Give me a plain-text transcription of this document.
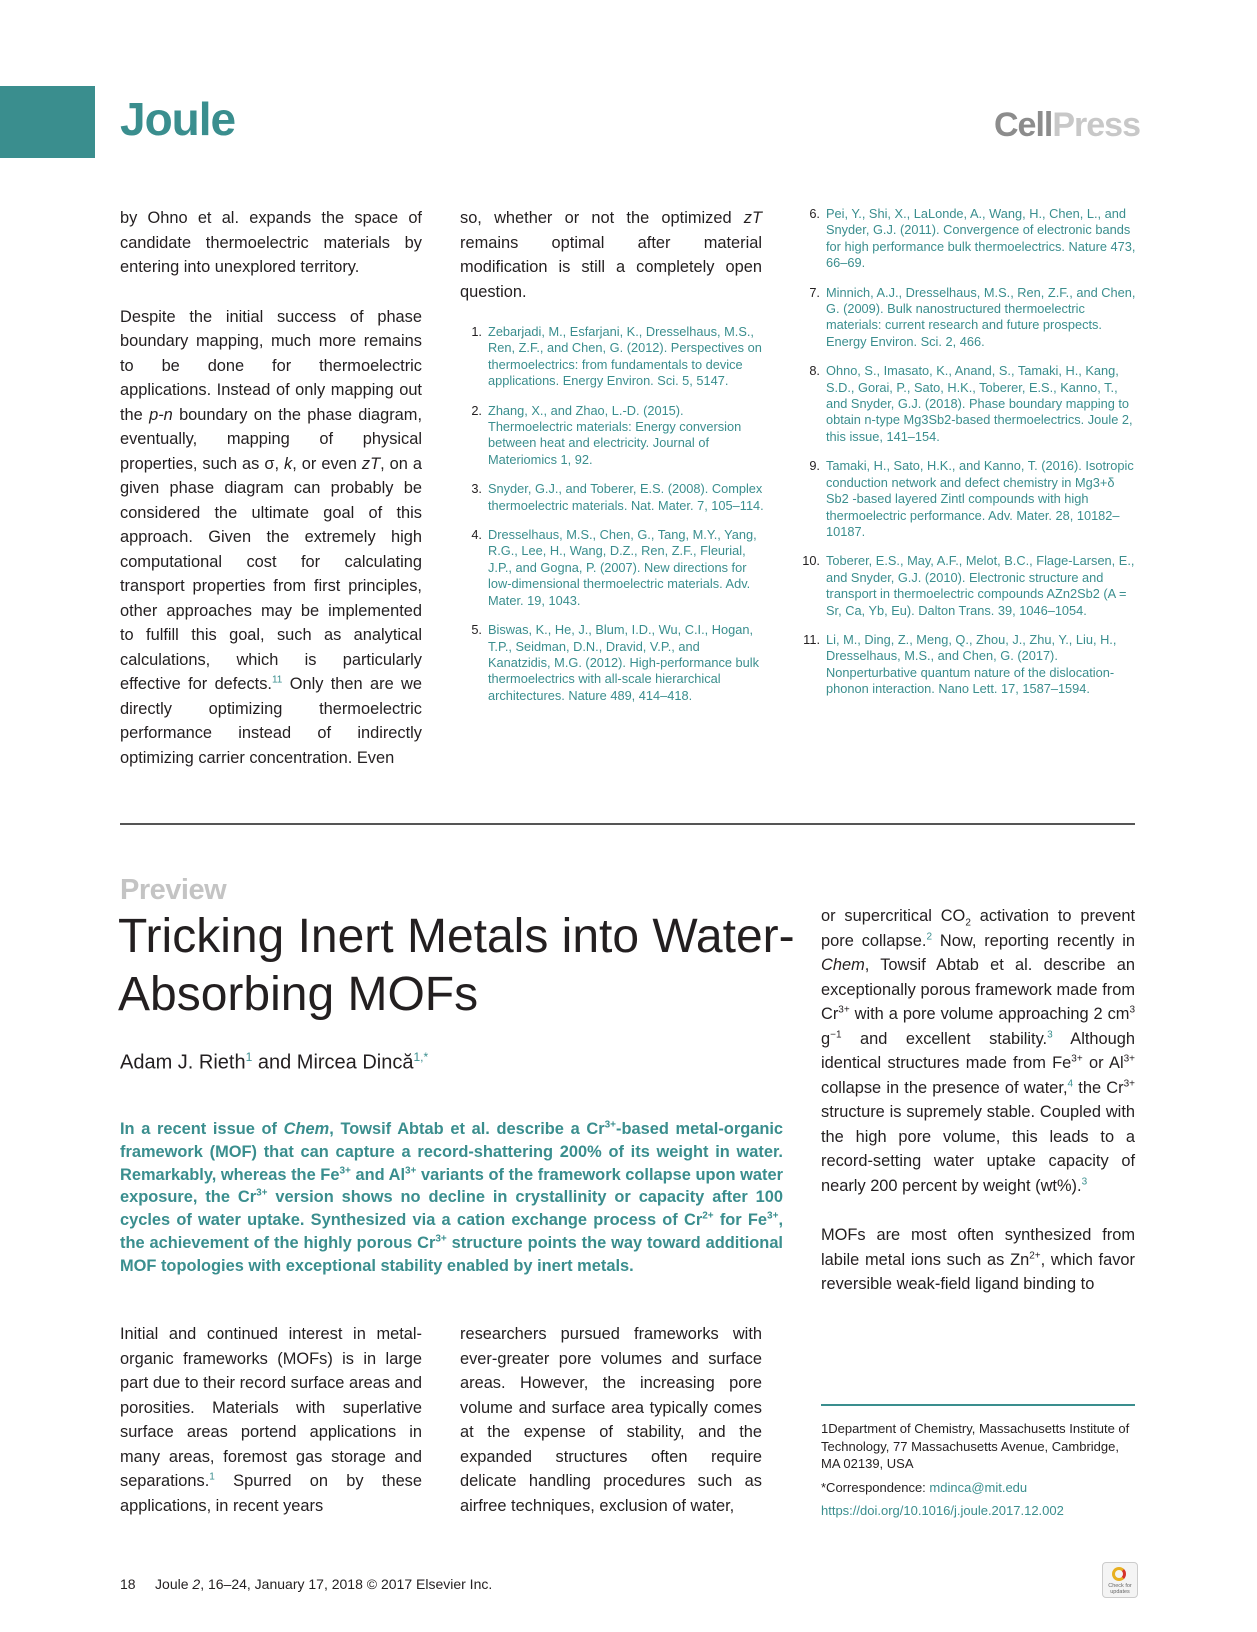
Joule	CellPress

by Ohno et al. expands the space of candidate thermoelectric materials by entering into unexplored territory.

Despite the initial success of phase boundary mapping, much more remains to be done for thermoelectric applications. Instead of only mapping out the p-n boundary on the phase diagram, eventually, mapping of physical properties, such as σ, k, or even zT, on a given phase diagram can probably be considered the ultimate goal of this approach. Given the extremely high computational cost for calculating transport properties from first principles, other approaches may be implemented to fulfill this goal, such as analytical calculations, which is particularly effective for defects.$^{11}$ Only then are we directly optimizing thermoelectric performance instead of indirectly optimizing carrier concentration. Even

so, whether or not the optimized zT remains optimal after material modification is still a completely open question.

1. Zebarjadi, M., Esfarjani, K., Dresselhaus, M.S., Ren, Z.F., and Chen, G. (2012). Perspectives on thermoelectrics: from fundamentals to device applications. Energy Environ. Sci. 5, 5147.
2. Zhang, X., and Zhao, L.-D. (2015). Thermoelectric materials: Energy conversion between heat and electricity. Journal of Materiomics 1, 92.
3. Snyder, G.J., and Toberer, E.S. (2008). Complex thermoelectric materials. Nat. Mater. 7, 105–114.
4. Dresselhaus, M.S., Chen, G., Tang, M.Y., Yang, R.G., Lee, H., Wang, D.Z., Ren, Z.F., Fleurial, J.P., and Gogna, P. (2007). New directions for low-dimensional thermoelectric materials. Adv. Mater. 19, 1043.
5. Biswas, K., He, J., Blum, I.D., Wu, C.I., Hogan, T.P., Seidman, D.N., Dravid, V.P., and Kanatzidis, M.G. (2012). High-performance bulk thermoelectrics with all-scale hierarchical architectures. Nature 489, 414–418.
6. Pei, Y., Shi, X., LaLonde, A., Wang, H., Chen, L., and Snyder, G.J. (2011). Convergence of electronic bands for high performance bulk thermoelectrics. Nature 473, 66–69.
7. Minnich, A.J., Dresselhaus, M.S., Ren, Z.F., and Chen, G. (2009). Bulk nanostructured thermoelectric materials: current research and future prospects. Energy Environ. Sci. 2, 466.
8. Ohno, S., Imasato, K., Anand, S., Tamaki, H., Kang, S.D., Gorai, P., Sato, H.K., Toberer, E.S., Kanno, T., and Snyder, G.J. (2018). Phase boundary mapping to obtain n-type Mg3Sb2-based thermoelectrics. Joule 2, this issue, 141–154.
9. Tamaki, H., Sato, H.K., and Kanno, T. (2016). Isotropic conduction network and defect chemistry in Mg3+δ Sb2 -based layered Zintl compounds with high thermoelectric performance. Adv. Mater. 28, 10182–10187.
10. Toberer, E.S., May, A.F., Melot, B.C., Flage-Larsen, E., and Snyder, G.J. (2010). Electronic structure and transport in thermoelectric compounds AZn2Sb2 (A = Sr, Ca, Yb, Eu). Dalton Trans. 39, 1046–1054.
11. Li, M., Ding, Z., Meng, Q., Zhou, J., Zhu, Y., Liu, H., Dresselhaus, M.S., and Chen, G. (2017). Nonperturbative quantum nature of the dislocation-phonon interaction. Nano Lett. 17, 1587–1594.
Preview
Tricking Inert Metals into Water-Absorbing MOFs
Adam J. Rieth$^1$ and Mircea Dincă$^{1,*}$
In a recent issue of Chem, Towsif Abtab et al. describe a $Cr^{3+}$-based metal-organic framework (MOF) that can capture a record-shattering 200% of its weight in water. Remarkably, whereas the $Fe^{3+}$ and $Al^{3+}$ variants of the framework collapse upon water exposure, the $Cr^{3+}$ version shows no decline in crystallinity or capacity after 100 cycles of water uptake. Synthesized via a cation exchange process of $Cr^{2+}$ for $Fe^{3+}$, the achievement of the highly porous $Cr^{3+}$ structure points the way toward additional MOF topologies with exceptional stability enabled by inert metals.

Initial and continued interest in metal-organic frameworks (MOFs) is in large part due to their record surface areas and porosities. Materials with superlative surface areas portend applications in many areas, foremost gas storage and separations.$^1$ Spurred on by these applications, in recent years

researchers pursued frameworks with ever-greater pore volumes and surface areas. However, the increasing pore volume and surface area typically comes at the expense of stability, and the expanded structures often require delicate handling procedures such as airfree techniques, exclusion of water,

or supercritical $CO_2$ activation to prevent pore collapse.$^2$ Now, reporting recently in Chem, Towsif Abtab et al. describe an exceptionally porous framework made from $Cr^{3+}$ with a pore volume approaching 2 $cm^3$ $g^{-1}$ and excellent stability.$^3$ Although identical structures made from $Fe^{3+}$ or $Al^{3+}$ collapse in the presence of water,$^4$ the $Cr^{3+}$ structure is supremely stable. Coupled with the high pore volume, this leads to a record-setting water uptake capacity of nearly 200 percent by weight (wt%).$^3$

MOFs are most often synthesized from labile metal ions such as $Zn^{2+}$, which favor reversible weak-field ligand binding to

1Department of Chemistry, Massachusetts Institute of Technology, 77 Massachusetts Avenue, Cambridge, MA 02139, USA

*Correspondence: mdinca@mit.edu

https://doi.org/10.1016/j.joule.2017.12.002

18 Joule 2, 16–24, January 17, 2018 © 2017 Elsevier Inc.	Check for updates
